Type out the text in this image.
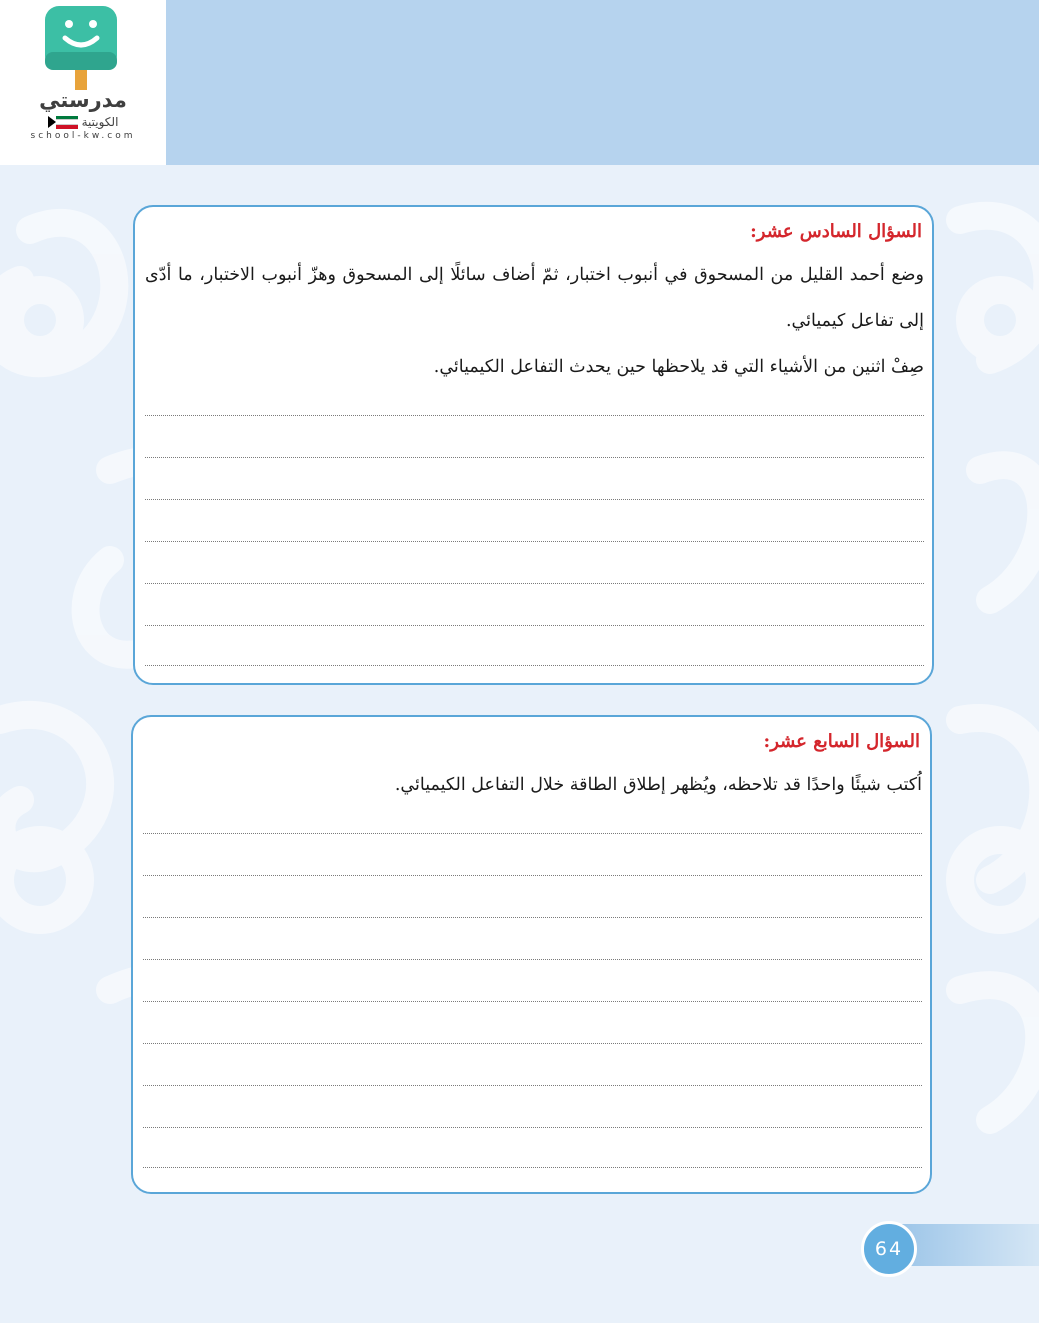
مدرستي
الكويتية
school-kw.com
السؤال السادس عشر:

وضع أحمد القليل من المسحوق في أنبوب اختبار، ثمّ أضاف سائلًا إلى المسحوق وهزّ أنبوب الاختبار، ما أدّى إلى تفاعل كيميائي.

صِفْ اثنين من الأشياء التي قد يلاحظها حين يحدث التفاعل الكيميائي.

السؤال السابع عشر:

اُكتب شيئًا واحدًا قد تلاحظه، ويُظهر إطلاق الطاقة خلال التفاعل الكيميائي.

64
